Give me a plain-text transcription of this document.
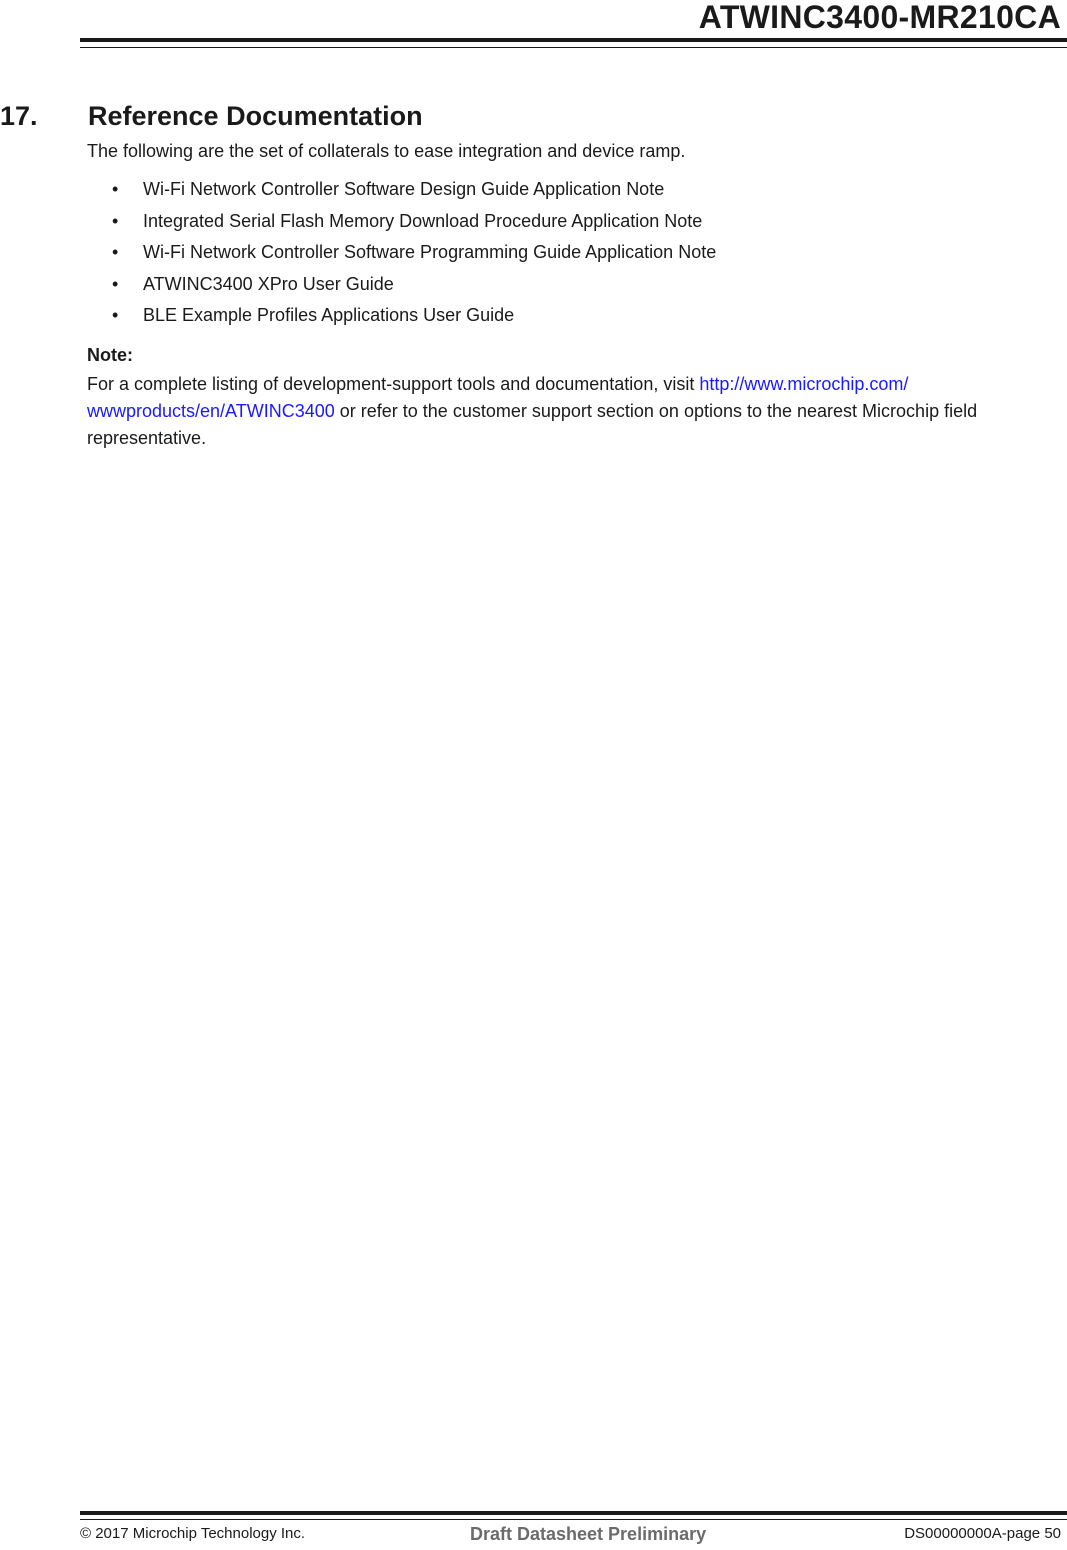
ATWINC3400-MR210CA
17. Reference Documentation
The following are the set of collaterals to ease integration and device ramp.
• Wi-Fi Network Controller Software Design Guide Application Note
• Integrated Serial Flash Memory Download Procedure Application Note
• Wi-Fi Network Controller Software Programming Guide Application Note
• ATWINC3400 XPro User Guide
• BLE Example Profiles Applications User Guide
Note:
For a complete listing of development-support tools and documentation, visit http://www.microchip.com/
wwwproducts/en/ATWINC3400 or refer to the customer support section on options to the nearest Microchip field representative.
© 2017 Microchip Technology Inc.	Draft Datasheet Preliminary	DS00000000A-page 50
